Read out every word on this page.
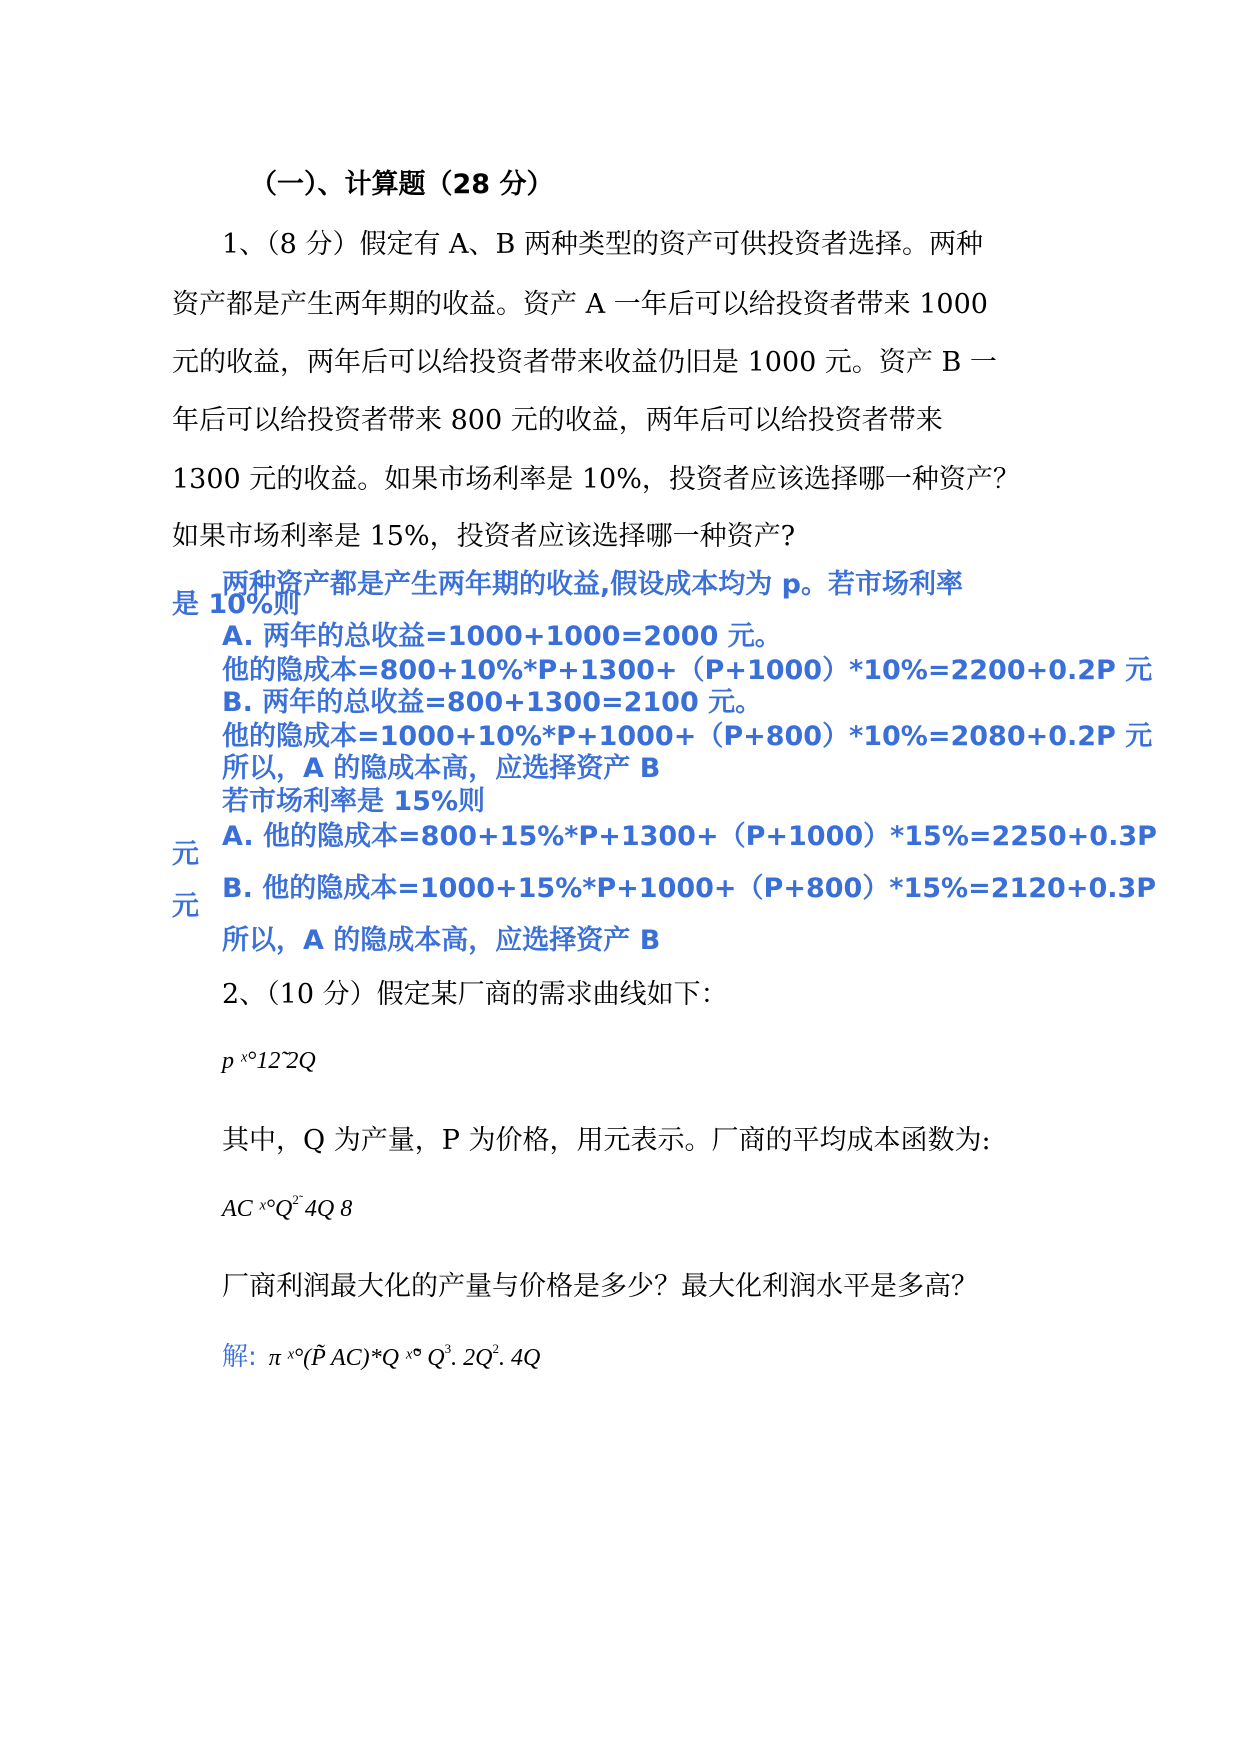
（一）、计算题（28 分）
1、（8 分）假定有 A、B 两种类型的资产可供投资者选择。两种
资产都是产生两年期的收益。资产 A 一年后可以给投资者带来 1000
元的收益，两年后可以给投资者带来收益仍旧是 1000 元。资产 B 一
年后可以给投资者带来 800 元的收益，两年后可以给投资者带来
1300 元的收益。如果市场利率是 10%，投资者应该选择哪一种资产？
如果市场利率是 15%，投资者应该选择哪一种资产?
两种资产都是产生两年期的收益,假设成本均为 p。若市场利率
是 10%则
A. 两年的总收益=1000+1000=2000 元。
他的隐成本=800+10%*P+1300+（P+1000）*10%=2200+0.2P 元
B. 两年的总收益=800+1300=2100 元。
他的隐成本=1000+10%*P+1000+（P+800）*10%=2080+0.2P 元
所以，A 的隐成本高，应选择资产 B
若市场利率是 15%则
A. 他的隐成本=800+15%*P+1300+（P+1000）*15%=2250+0.3P
元
B. 他的隐成本=1000+15%*P+1000+（P+800）*15%=2120+0.3P
元
所以，A 的隐成本高，应选择资产 B
2、（10 分）假定某厂商的需求曲线如下：
p ˣ°12̃ 2Q
其中，Q 为产量，P 为价格，用元表示。厂商的平均成本函数为:
AC $ˣ^\circ Q^{2̃}$ 4Q 8
厂商利润最大化的产量与价格是多少？最大化利润水平是多高？
解: π ˣ°(P̃ AC)*Q ˣ̃° $Q^3$. $2Q^2$. 4Q
